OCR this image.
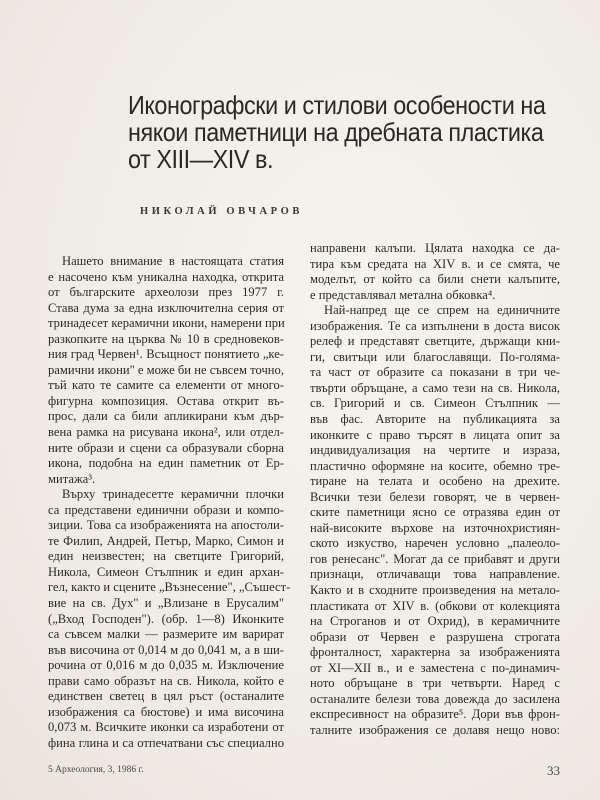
Иконографски и стилови особености на
някои паметници на дребната пластика
от XIII—XIV в.
НИКОЛАЙ ОВЧАРОВ
Нашето внимание в настоящата статия
е насочено към уникална находка, открита
от българските археолози през 1977 г.
Става дума за една изключителна серия от
тринадесет керамични икони, намерени при
разкопките на църква № 10 в средновеков-
ния град Червен¹. Всъщност понятието „ке-
рамични икони" е може би не съвсем точно,
тъй като те самите са елементи от много-
фигурна композиция. Остава открит въ-
прос, дали са били апликирани към дър-
вена рамка на рисувана икона², или отдел-
ните образи и сцени са образували сборна
икона, подобна на един паметник от Ер-
митажа³.
Върху тринадесетте керамични плочки
са представени единични образи и компо-
зиции. Това са изображенията на апостоли-
те Филип, Андрей, Петър, Марко, Симон и
един неизвестен; на светците Григорий,
Никола, Симеон Стълпник и един архан-
гел, както и сцените „Възнесение", „Съшест-
вие на св. Дух" и „Влизане в Ерусалим"
(„Вход Господен"). (обр. 1—8) Иконките
са съвсем малки — размерите им варират
във височина от 0,014 м до 0,041 м, а в ши-
рочина от 0,016 м до 0,035 м. Изключение
прави само образът на св. Никола, който е
единствен светец в цял ръст (останалите
изображения са бюстове) и има височина
0,073 м. Всичките иконки са изработени от
фина глина и са отпечатвани със специално
направени калъпи. Цялата находка се да-
тира към средата на XIV в. и се смята, че
моделът, от който са били снети калъпите,
е представлявал метална обковка⁴.
Най-напред ще се спрем на единичните
изображения. Те са изпълнени в доста висок
релеф и представят светците, държащи кни-
ги, свитъци или благославящи. По-голяма-
та част от образите са показани в три че-
твърти обръщане, а само тези на св. Никола,
св. Григорий и св. Симеон Стълпник —
във фас. Авторите на публикацията за
иконките с право търсят в лицата опит за
индивидуализация на чертите и израза,
пластично оформяне на косите, обемно тре-
тиране на телата и особено на дрехите.
Всички тези белези говорят, че в червен-
ските паметници ясно се отразява един от
най-високите върхове на източнохристиян-
ското изкуство, наречен условно „палеоло-
гов ренесанс". Могат да се прибавят и други
признаци, отличаващи това направление.
Както и в сходните произведения на метало-
пластиката от XIV в. (обкови от колекцията
на Строганов и от Охрид), в керамичните
образи от Червен е разрушена строгата
фронталност, характерна за изображенията
от XI—XII в., и е заместена с по-динамич-
ното обръщане в три четвърти. Наред с
останалите белези това довежда до засилена
експресивност на образите⁵. Дори във фрон-
талните изображения се долавя нещо ново:
5 Археология, 3, 1986 г.	33
